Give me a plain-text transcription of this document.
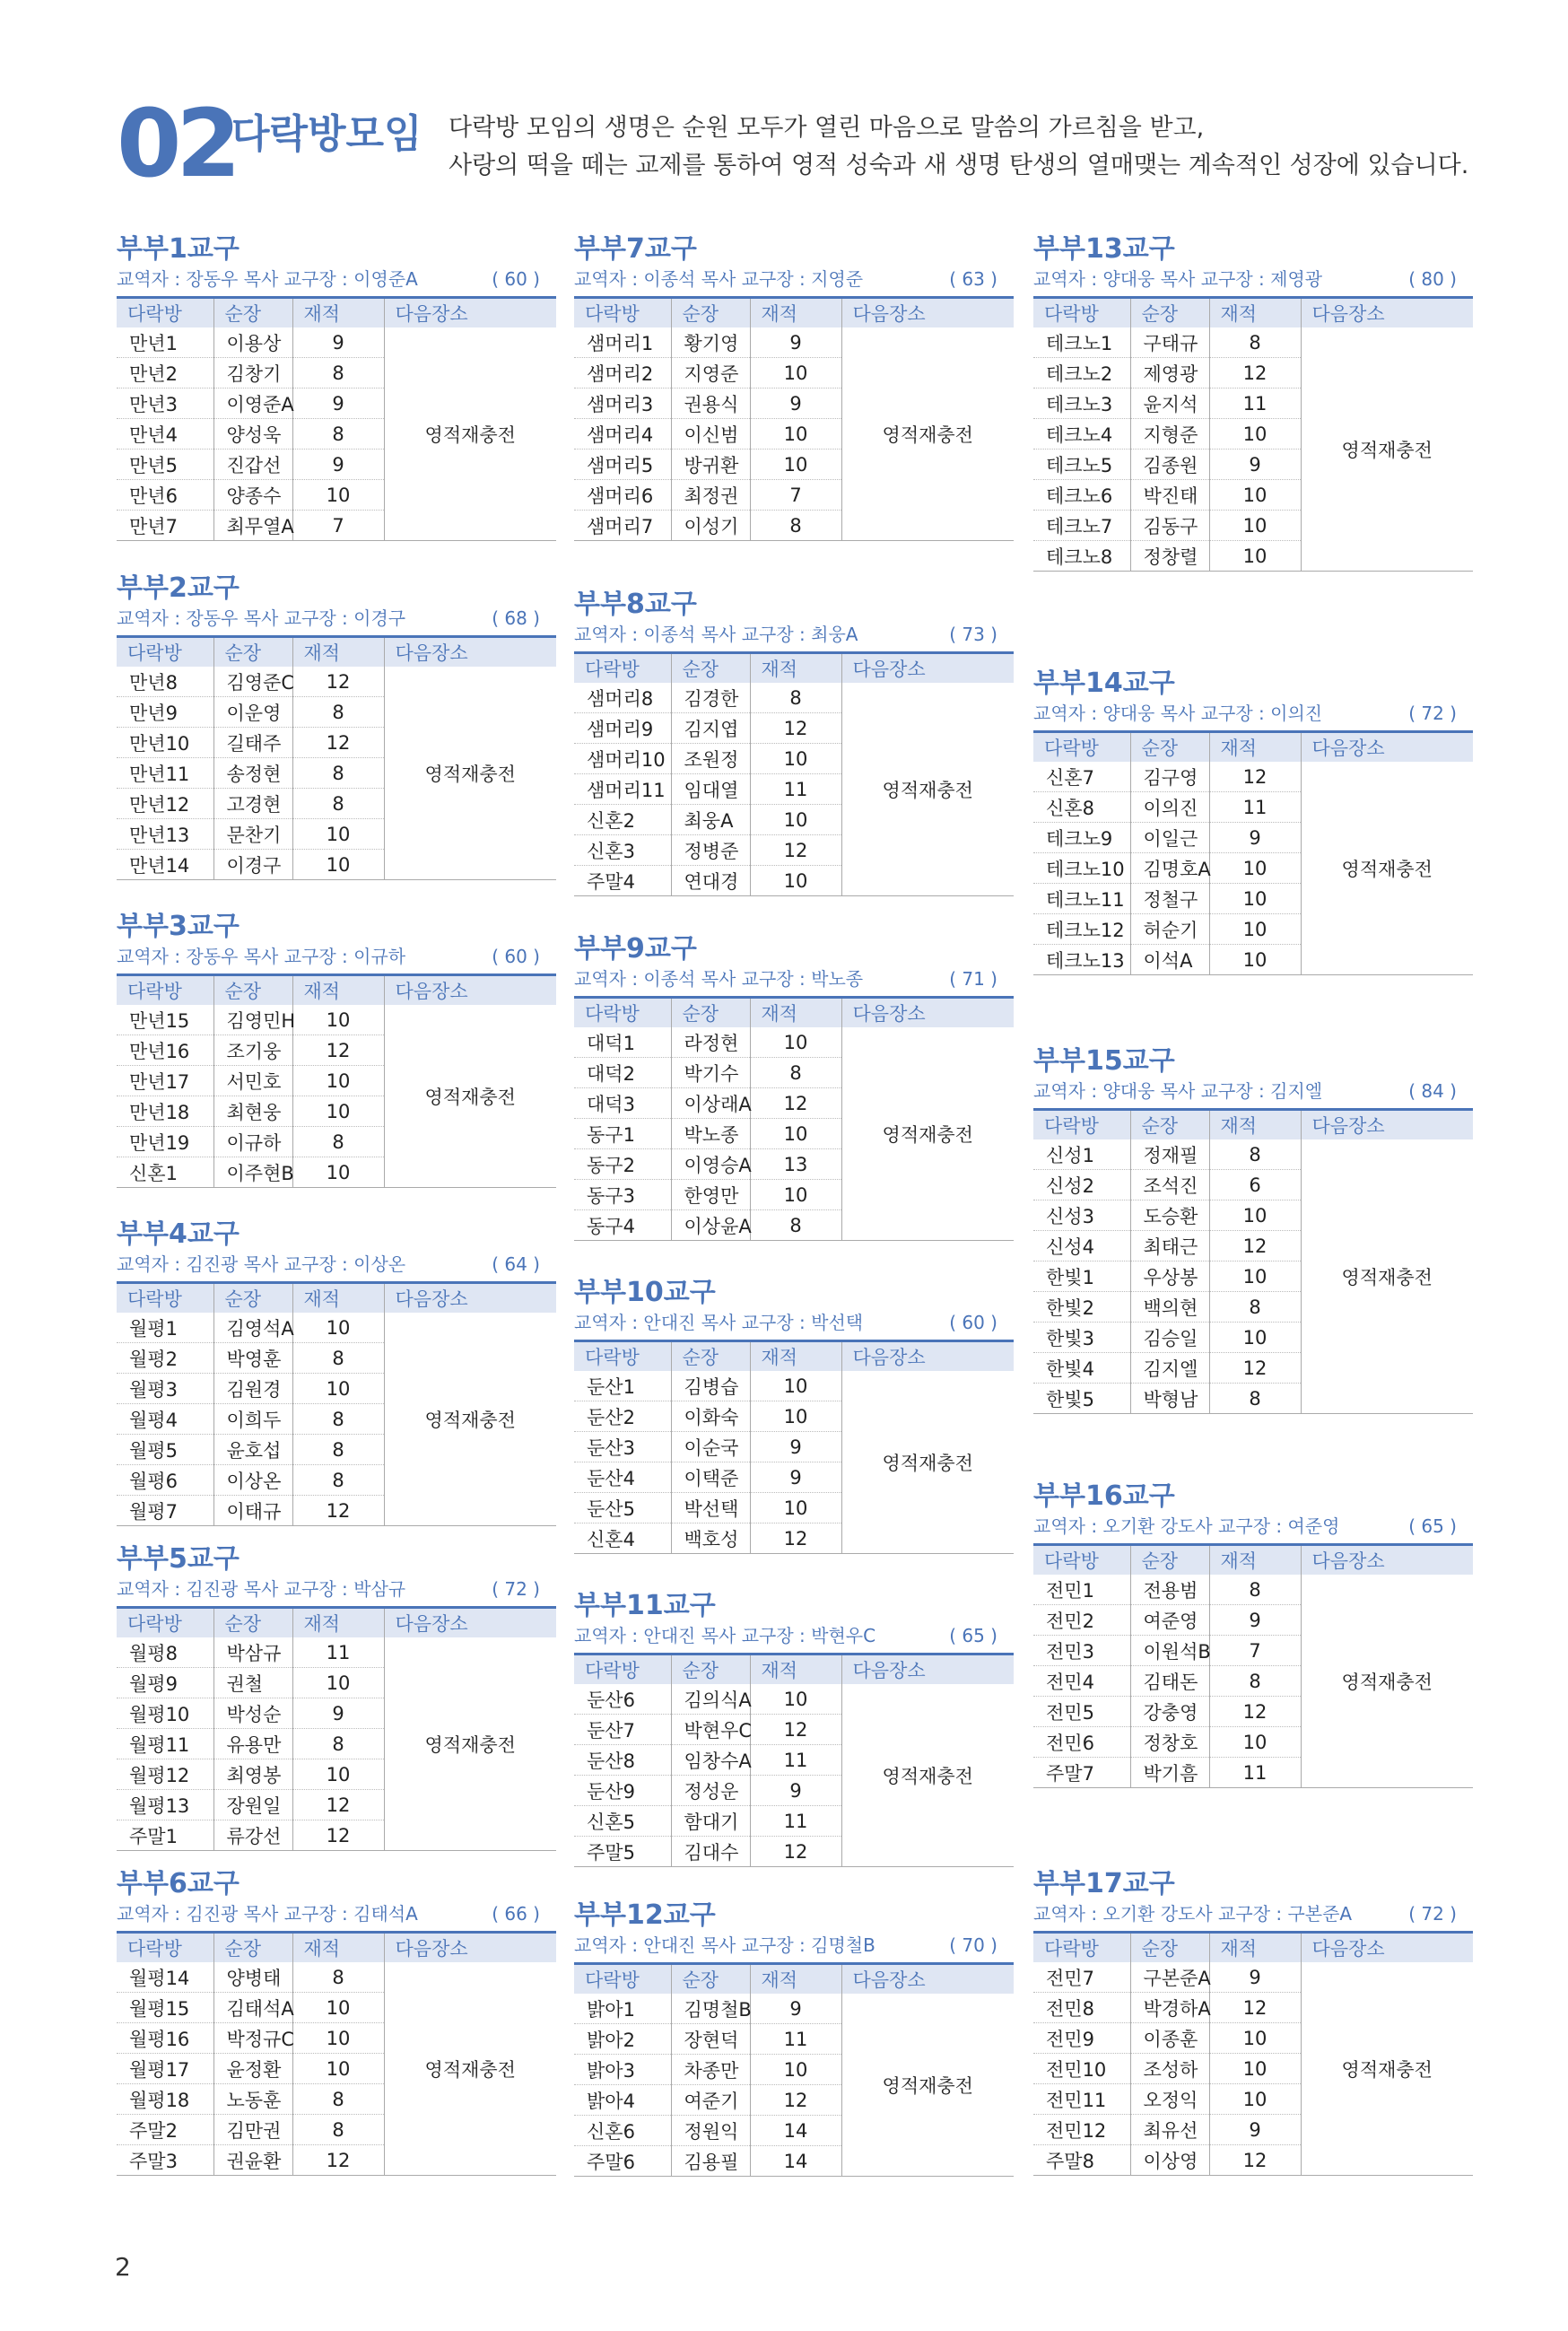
02
다락방모임 다락방 모임의 생명은 순원 모두가 열린 마음으로 말씀의 가르침을 받고,
사랑의 떡을 떼는 교제를 통하여 영적 성숙과 새 생명 탄생의 열매맺는 계속적인 성장에 있습니다.
부부1교구
교역자 : 장동우 목사 교구장 : 이영준A	( 60 )
다락방	순장	재적	다음장소
만년1	이용상	9	영적재충전
만년2	김창기	8	
만년3	이영준A	9	
만년4	양성욱	8	
만년5	진갑선	9	
만년6	양종수	10	
만년7	최무열A	7	
부부2교구
교역자 : 장동우 목사 교구장 : 이경구	( 68 )
다락방	순장	재적	다음장소
만년8	김영준C	12	영적재충전
만년9	이운영	8	
만년10	길태주	12	
만년11	송정현	8	
만년12	고경현	8	
만년13	문찬기	10	
만년14	이경구	10	
부부3교구
교역자 : 장동우 목사 교구장 : 이규하	( 60 )
다락방	순장	재적	다음장소
만년15	김영민H	10	영적재충전
만년16	조기웅	12	
만년17	서민호	10	
만년18	최현웅	10	
만년19	이규하	8	
신혼1	이주현B	10	
부부4교구
교역자 : 김진광 목사 교구장 : 이상온	( 64 )
다락방	순장	재적	다음장소
월평1	김영석A	10	영적재충전
월평2	박영훈	8	
월평3	김원경	10	
월평4	이희두	8	
월평5	윤호섭	8	
월평6	이상온	8	
월평7	이태규	12	
부부5교구
교역자 : 김진광 목사 교구장 : 박삼규	( 72 )
다락방	순장	재적	다음장소
월평8	박삼규	11	영적재충전
월평9	권철	10	
월평10	박성순	9	
월평11	유용만	8	
월평12	최영봉	10	
월평13	장원일	12	
주말1	류강선	12	
부부6교구
교역자 : 김진광 목사 교구장 : 김태석A	( 66 )
다락방	순장	재적	다음장소
월평14	양병태	8	영적재충전
월평15	김태석A	10	
월평16	박정규C	10	
월평17	윤정환	10	
월평18	노동훈	8	
주말2	김만권	8	
주말3	권윤환	12	
부부7교구
교역자 : 이종석 목사 교구장 : 지영준	( 63 )
다락방	순장	재적	다음장소
샘머리1	황기영	9	영적재충전
샘머리2	지영준	10	
샘머리3	권용식	9	
샘머리4	이신범	10	
샘머리5	방귀환	10	
샘머리6	최정권	7	
샘머리7	이성기	8	
부부8교구
교역자 : 이종석 목사 교구장 : 최웅A	( 73 )
다락방	순장	재적	다음장소
샘머리8	김경한	8	영적재충전
샘머리9	김지엽	12	
샘머리10	조원정	10	
샘머리11	임대열	11	
신혼2	최웅A	10	
신혼3	정병준	12	
주말4	연대경	10	
부부9교구
교역자 : 이종석 목사 교구장 : 박노종	( 71 )
다락방	순장	재적	다음장소
대덕1	라정현	10	영적재충전
대덕2	박기수	8	
대덕3	이상래A	12	
동구1	박노종	10	
동구2	이영승A	13	
동구3	한영만	10	
동구4	이상윤A	8	
부부10교구
교역자 : 안대진 목사 교구장 : 박선택	( 60 )
다락방	순장	재적	다음장소
둔산1	김병습	10	영적재충전
둔산2	이화숙	10	
둔산3	이순국	9	
둔산4	이택준	9	
둔산5	박선택	10	
신혼4	백호성	12	
부부11교구
교역자 : 안대진 목사 교구장 : 박현우C	( 65 )
다락방	순장	재적	다음장소
둔산6	김의식A	10	영적재충전
둔산7	박현우C	12	
둔산8	임창수A	11	
둔산9	정성운	9	
신혼5	함대기	11	
주말5	김대수	12	
부부12교구
교역자 : 안대진 목사 교구장 : 김명철B	( 70 )
다락방	순장	재적	다음장소
밝아1	김명철B	9	영적재충전
밝아2	장현덕	11	
밝아3	차종만	10	
밝아4	여준기	12	
신혼6	정원익	14	
주말6	김용필	14	
부부13교구
교역자 : 양대웅 목사 교구장 : 제영광	( 80 )
다락방	순장	재적	다음장소
테크노1	구태규	8	영적재충전
테크노2	제영광	12	
테크노3	윤지석	11	
테크노4	지형준	10	
테크노5	김종원	9	
테크노6	박진태	10	
테크노7	김동구	10	
테크노8	정창렬	10	
부부14교구
교역자 : 양대웅 목사 교구장 : 이의진	( 72 )
다락방	순장	재적	다음장소
신혼7	김구영	12	영적재충전
신혼8	이의진	11	
테크노9	이일근	9	
테크노10	김명호A	10	
테크노11	정철구	10	
테크노12	허순기	10	
테크노13	이석A	10	
부부15교구
교역자 : 양대웅 목사 교구장 : 김지엘	( 84 )
다락방	순장	재적	다음장소
신성1	정재필	8	영적재충전
신성2	조석진	6	
신성3	도승환	10	
신성4	최태근	12	
한빛1	우상봉	10	
한빛2	백의현	8	
한빛3	김승일	10	
한빛4	김지엘	12	
한빛5	박형남	8	
부부16교구
교역자 : 오기환 강도사 교구장 : 여준영	( 65 )
다락방	순장	재적	다음장소
전민1	전용범	8	영적재충전
전민2	여준영	9	
전민3	이원석B	7	
전민4	김태돈	8	
전민5	강충영	12	
전민6	정창호	10	
주말7	박기흠	11	
부부17교구
교역자 : 오기환 강도사 교구장 : 구본준A	( 72 )
다락방	순장	재적	다음장소
전민7	구본준A	9	영적재충전
전민8	박경하A	12	
전민9	이종훈	10	
전민10	조성하	10	
전민11	오정익	10	
전민12	최유선	9	
주말8	이상영	12	
2
